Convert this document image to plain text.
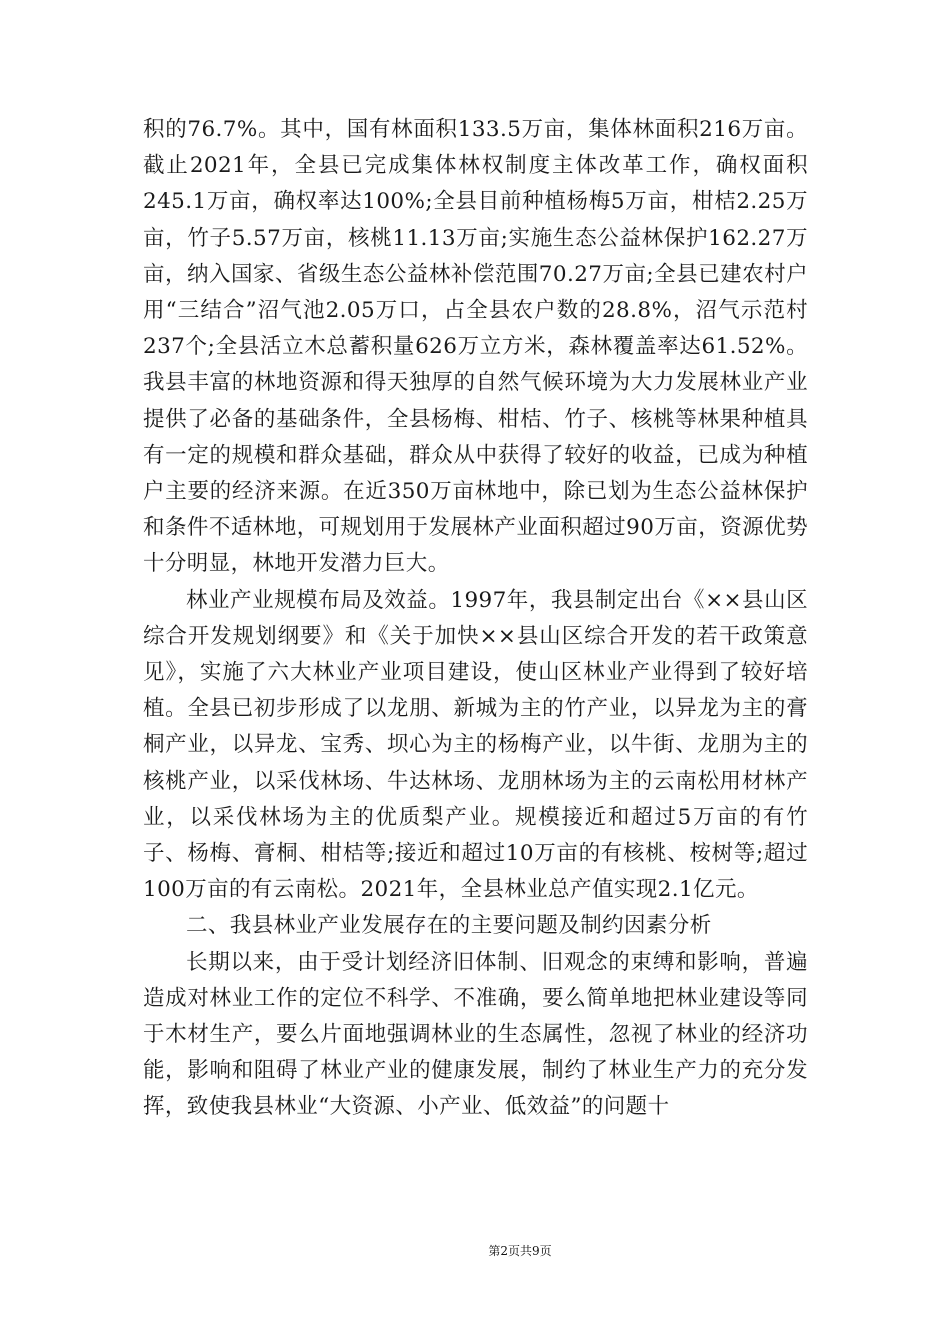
积的76.7%。其中，国有林面积133.5万亩，集体林面积216万亩。截止2021年，全县已完成集体林权制度主体改革工作，确权面积245.1万亩，确权率达100%;全县目前种植杨梅5万亩，柑桔2.25万亩，竹子5.57万亩，核桃11.13万亩;实施生态公益林保护162.27万亩，纳入国家、省级生态公益林补偿范围70.27万亩;全县已建农村户用“三结合”沼气池2.05万口，占全县农户数的28.8%，沼气示范村237个;全县活立木总蓄积量626万立方米，森林覆盖率达61.52%。我县丰富的林地资源和得天独厚的自然气候环境为大力发展林业产业提供了必备的基础条件，全县杨梅、柑桔、竹子、核桃等林果种植具有一定的规模和群众基础，群众从中获得了较好的收益，已成为种植户主要的经济来源。在近350万亩林地中，除已划为生态公益林保护和条件不适林地，可规划用于发展林产业面积超过90万亩，资源优势十分明显，林地开发潜力巨大。

林业产业规模布局及效益。1997年，我县制定出台《××县山区综合开发规划纲要》和《关于加快××县山区综合开发的若干政策意见》，实施了六大林业产业项目建设，使山区林业产业得到了较好培植。全县已初步形成了以龙朋、新城为主的竹产业，以异龙为主的膏桐产业，以异龙、宝秀、坝心为主的杨梅产业，以牛街、龙朋为主的核桃产业，以采伐林场、牛达林场、龙朋林场为主的云南松用材林产业，以采伐林场为主的优质梨产业。规模接近和超过5万亩的有竹子、杨梅、膏桐、柑桔等;接近和超过10万亩的有核桃、桉树等;超过100万亩的有云南松。2021年，全县林业总产值实现2.1亿元。

二、我县林业产业发展存在的主要问题及制约因素分析

长期以来，由于受计划经济旧体制、旧观念的束缚和影响，普遍造成对林业工作的定位不科学、不准确，要么简单地把林业建设等同于木材生产，要么片面地强调林业的生态属性，忽视了林业的经济功能，影响和阻碍了林业产业的健康发展，制约了林业生产力的充分发挥，致使我县林业“大资源、小产业、低效益”的问题十

第2页共9页
